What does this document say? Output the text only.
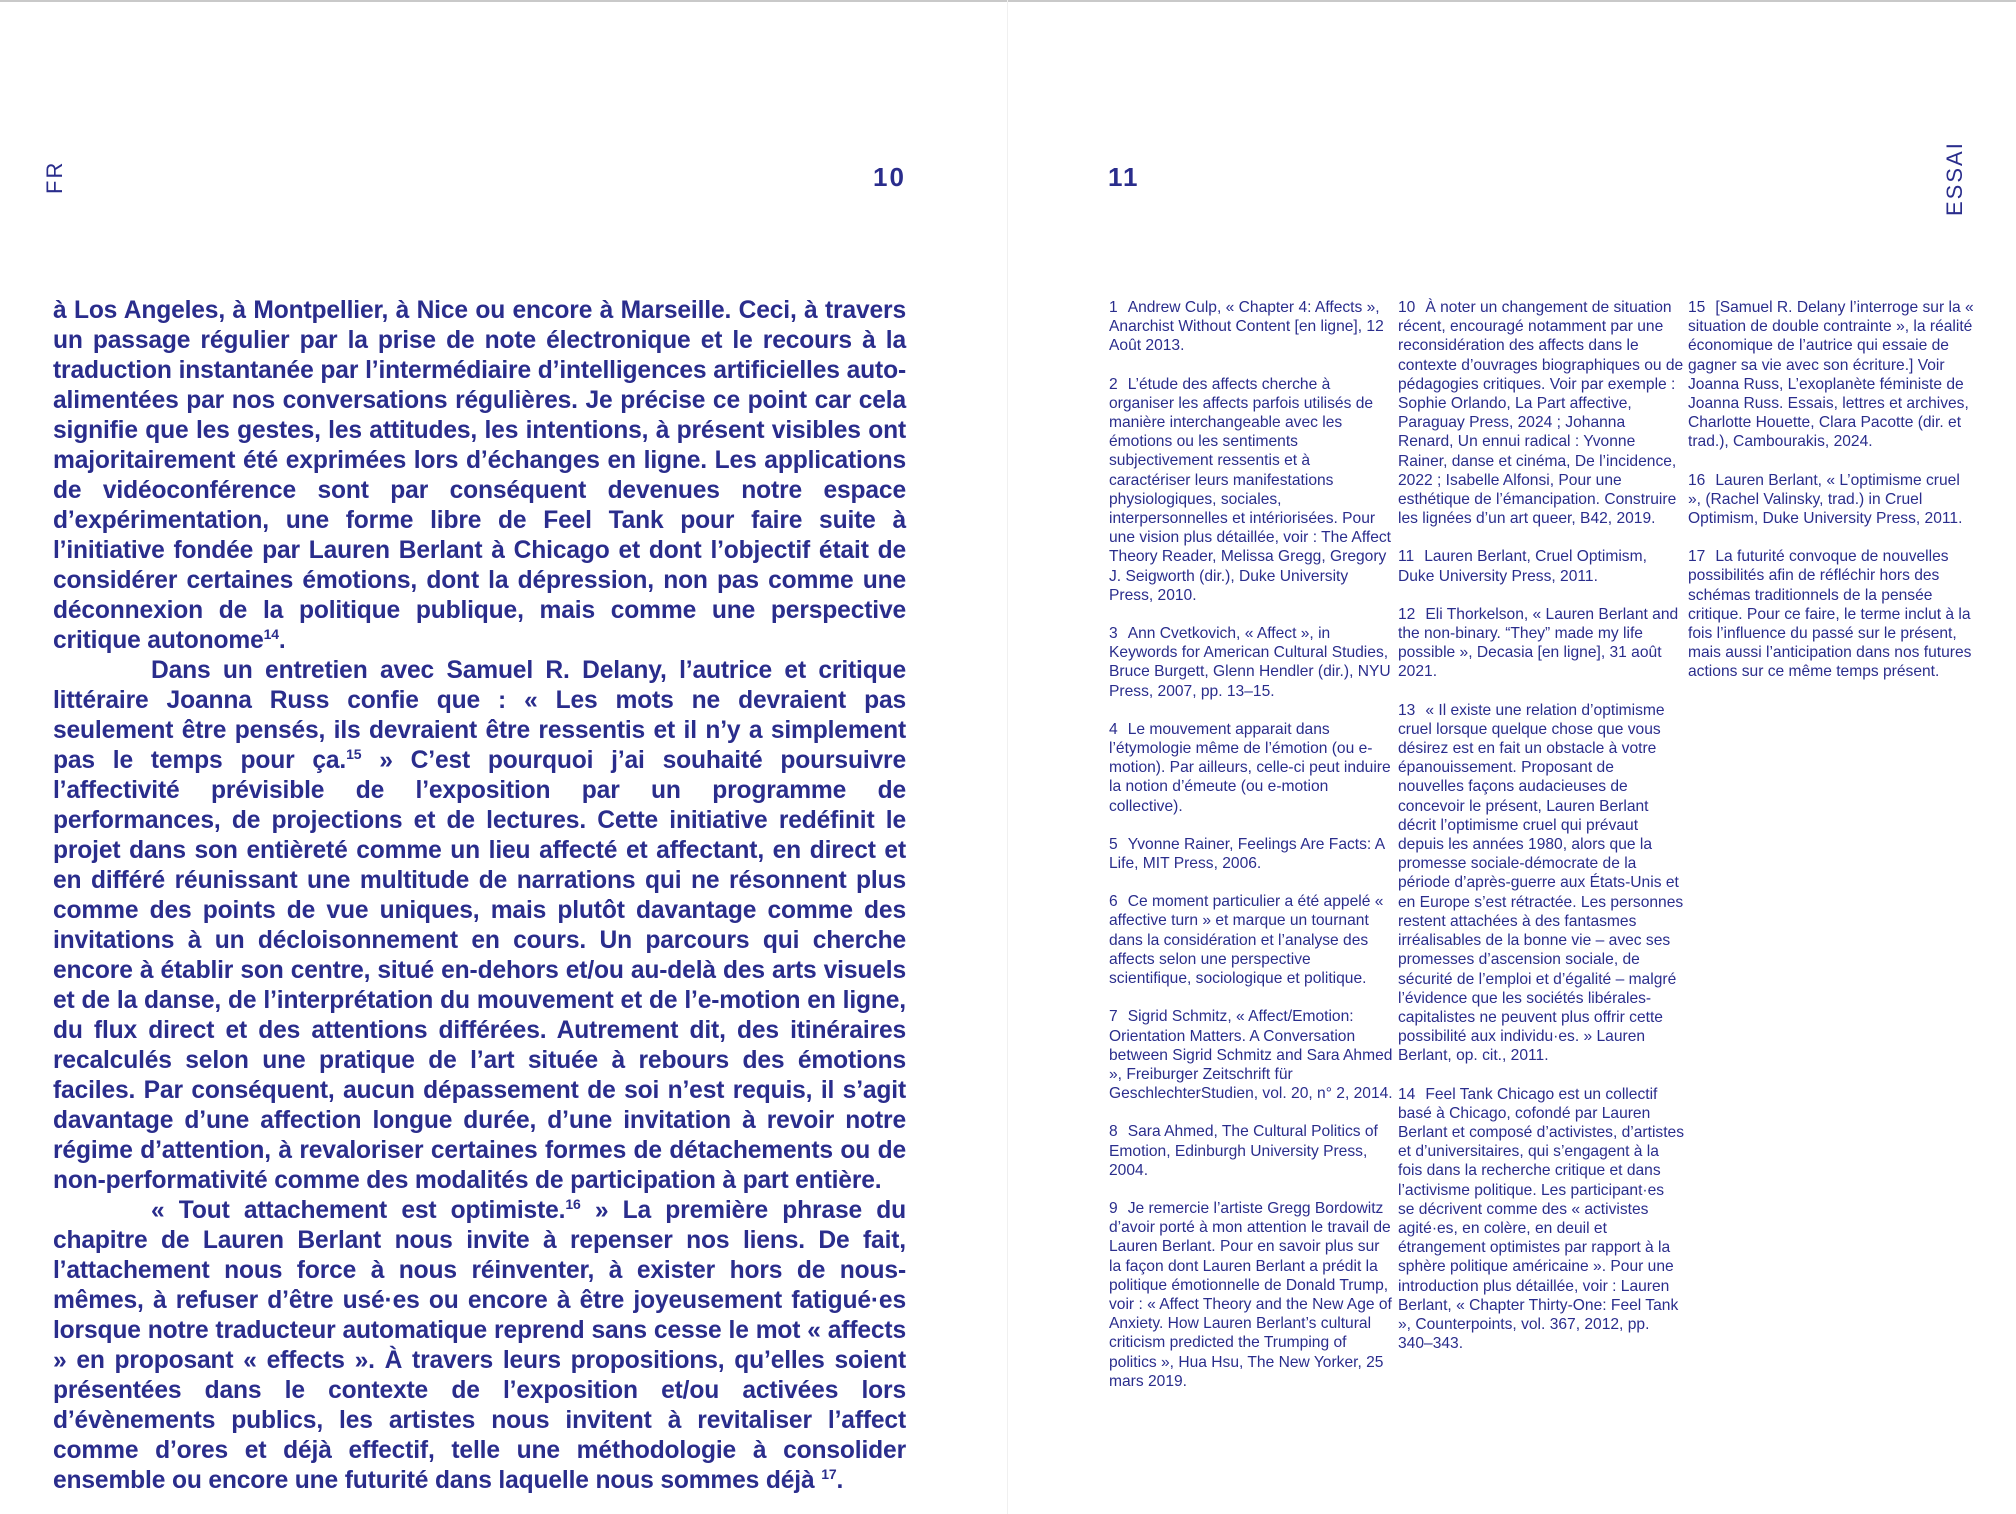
FR	10	11	ESSAI

à Los Angeles, à Montpellier, à Nice ou encore à Marseille. Ceci, à travers un passage régulier par la prise de note électronique et le recours à la traduction instantanée par l’intermédiaire d’intelligences artificielles auto-alimentées par nos conversations régulières. Je précise ce point car cela signifie que les gestes, les attitudes, les intentions, à présent visibles ont majoritairement été exprimées lors d’échanges en ligne. Les applications de vidéoconférence sont par conséquent devenues notre espace d’expérimentation, une forme libre de Feel Tank pour faire suite à l’initiative fondée par Lauren Berlant à Chicago et dont l’objectif était de considérer certaines émotions, dont la dépression, non pas comme une déconnexion de la politique publique, mais comme une perspective critique autonome$^{14}$.

Dans un entretien avec Samuel R. Delany, l’autrice et critique littéraire Joanna Russ confie que : « Les mots ne devraient pas seulement être pensés, ils devraient être ressentis et il n’y a simplement pas le temps pour ça.$^{15}$ » C’est pourquoi j’ai souhaité poursuivre l’affectivité prévisible de l’exposition par un programme de performances, de projections et de lectures. Cette initiative redéfinit le projet dans son entièreté comme un lieu affecté et affectant, en direct et en différé réunissant une multitude de narrations qui ne résonnent plus comme des points de vue uniques, mais plutôt davantage comme des invitations à un décloisonnement en cours. Un parcours qui cherche encore à établir son centre, situé en-dehors et/ou au-delà des arts visuels et de la danse, de l’interprétation du mouvement et de l’e-motion en ligne, du flux direct et des attentions différées. Autrement dit, des itinéraires recalculés selon une pratique de l’art située à rebours des émotions faciles. Par conséquent, aucun dépassement de soi n’est requis, il s’agit davantage d’une affection longue durée, d’une invitation à revoir notre régime d’attention, à revaloriser certaines formes de détachements ou de non-performativité comme des modalités de participation à part entière.

« Tout attachement est optimiste.$^{16}$ » La première phrase du chapitre de Lauren Berlant nous invite à repenser nos liens. De fait, l’attachement nous force à nous réinventer, à exister hors de nous-mêmes, à refuser d’être usé·es ou encore à être joyeusement fatigué·es lorsque notre traducteur automatique reprend sans cesse le mot « affects » en proposant « effects ». À travers leurs propositions, qu’elles soient présentées dans le contexte de l’exposition et/ou activées lors d’évènements publics, les artistes nous invitent à revitaliser l’affect comme d’ores et déjà effectif, telle une méthodologie à consolider ensemble ou encore une futurité dans laquelle nous sommes déjà $^{17}$.

1 Andrew Culp, « Chapter 4: Affects », Anarchist Without Content [en ligne], 12 Août 2013.

2 L’étude des affects cherche à organiser les affects parfois utilisés de manière interchangeable avec les émotions ou les sentiments subjectivement ressentis et à caractériser leurs manifestations physiologiques, sociales, interpersonnelles et intériorisées. Pour une vision plus détaillée, voir : The Affect Theory Reader, Melissa Gregg, Gregory J. Seigworth (dir.), Duke University Press, 2010.

3 Ann Cvetkovich, « Affect », in Keywords for American Cultural Studies, Bruce Burgett, Glenn Hendler (dir.), NYU Press, 2007, pp. 13–15.

4 Le mouvement apparait dans l’étymologie même de l’émotion (ou e-motion). Par ailleurs, celle-ci peut induire la notion d’émeute (ou e-motion collective).

5 Yvonne Rainer, Feelings Are Facts: A Life, MIT Press, 2006.

6 Ce moment particulier a été appelé « affective turn » et marque un tournant dans la considération et l’analyse des affects selon une perspective scientifique, sociologique et politique.

7 Sigrid Schmitz, « Affect/Emotion: Orientation Matters. A Conversation between Sigrid Schmitz and Sara Ahmed », Freiburger Zeitschrift für GeschlechterStudien, vol. 20, n° 2, 2014.

8 Sara Ahmed, The Cultural Politics of Emotion, Edinburgh University Press, 2004.

9 Je remercie l’artiste Gregg Bordowitz d’avoir porté à mon attention le travail de Lauren Berlant. Pour en savoir plus sur la façon dont Lauren Berlant a prédit la politique émotionnelle de Donald Trump, voir : « Affect Theory and the New Age of Anxiety. How Lauren Berlant’s cultural criticism predicted the Trumping of politics », Hua Hsu, The New Yorker, 25 mars 2019.

10 À noter un changement de situation récent, encouragé notamment par une reconsidération des affects dans le contexte d’ouvrages biographiques ou de pédagogies critiques. Voir par exemple : Sophie Orlando, La Part affective, Paraguay Press, 2024 ; Johanna Renard, Un ennui radical : Yvonne Rainer, danse et cinéma, De l’incidence, 2022 ; Isabelle Alfonsi, Pour une esthétique de l’émancipation. Construire les lignées d’un art queer, B42, 2019.

11 Lauren Berlant, Cruel Optimism, Duke University Press, 2011.

12 Eli Thorkelson, « Lauren Berlant and the non-binary. “They” made my life possible », Decasia [en ligne], 31 août 2021.

13 « Il existe une relation d’optimisme cruel lorsque quelque chose que vous désirez est en fait un obstacle à votre épanouissement. Proposant de nouvelles façons audacieuses de concevoir le présent, Lauren Berlant décrit l’optimisme cruel qui prévaut depuis les années 1980, alors que la promesse sociale-démocrate de la période d’après-guerre aux États-Unis et en Europe s’est rétractée. Les personnes restent attachées à des fantasmes irréalisables de la bonne vie – avec ses promesses d’ascension sociale, de sécurité de l’emploi et d’égalité – malgré l’évidence que les sociétés libérales-capitalistes ne peuvent plus offrir cette possibilité aux individu·es. » Lauren Berlant, op. cit., 2011.

14 Feel Tank Chicago est un collectif basé à Chicago, cofondé par Lauren Berlant et composé d’activistes, d’artistes et d’universitaires, qui s’engagent à la fois dans la recherche critique et dans l’activisme politique. Les participant·es se décrivent comme des « activistes agité·es, en colère, en deuil et étrangement optimistes par rapport à la sphère politique américaine ». Pour une introduction plus détaillée, voir : Lauren Berlant, « Chapter Thirty-One: Feel Tank », Counterpoints, vol. 367, 2012, pp. 340–343.

15 [Samuel R. Delany l’interroge sur la « situation de double contrainte », la réalité économique de l’autrice qui essaie de gagner sa vie avec son écriture.] Voir Joanna Russ, L’exoplanète féministe de Joanna Russ. Essais, lettres et archives, Charlotte Houette, Clara Pacotte (dir. et trad.), Cambourakis, 2024.

16 Lauren Berlant, « L’optimisme cruel », (Rachel Valinsky, trad.) in Cruel Optimism, Duke University Press, 2011.

17 La futurité convoque de nouvelles possibilités afin de réfléchir hors des schémas traditionnels de la pensée critique. Pour ce faire, le terme inclut à la fois l’influence du passé sur le présent, mais aussi l’anticipation dans nos futures actions sur ce même temps présent.
